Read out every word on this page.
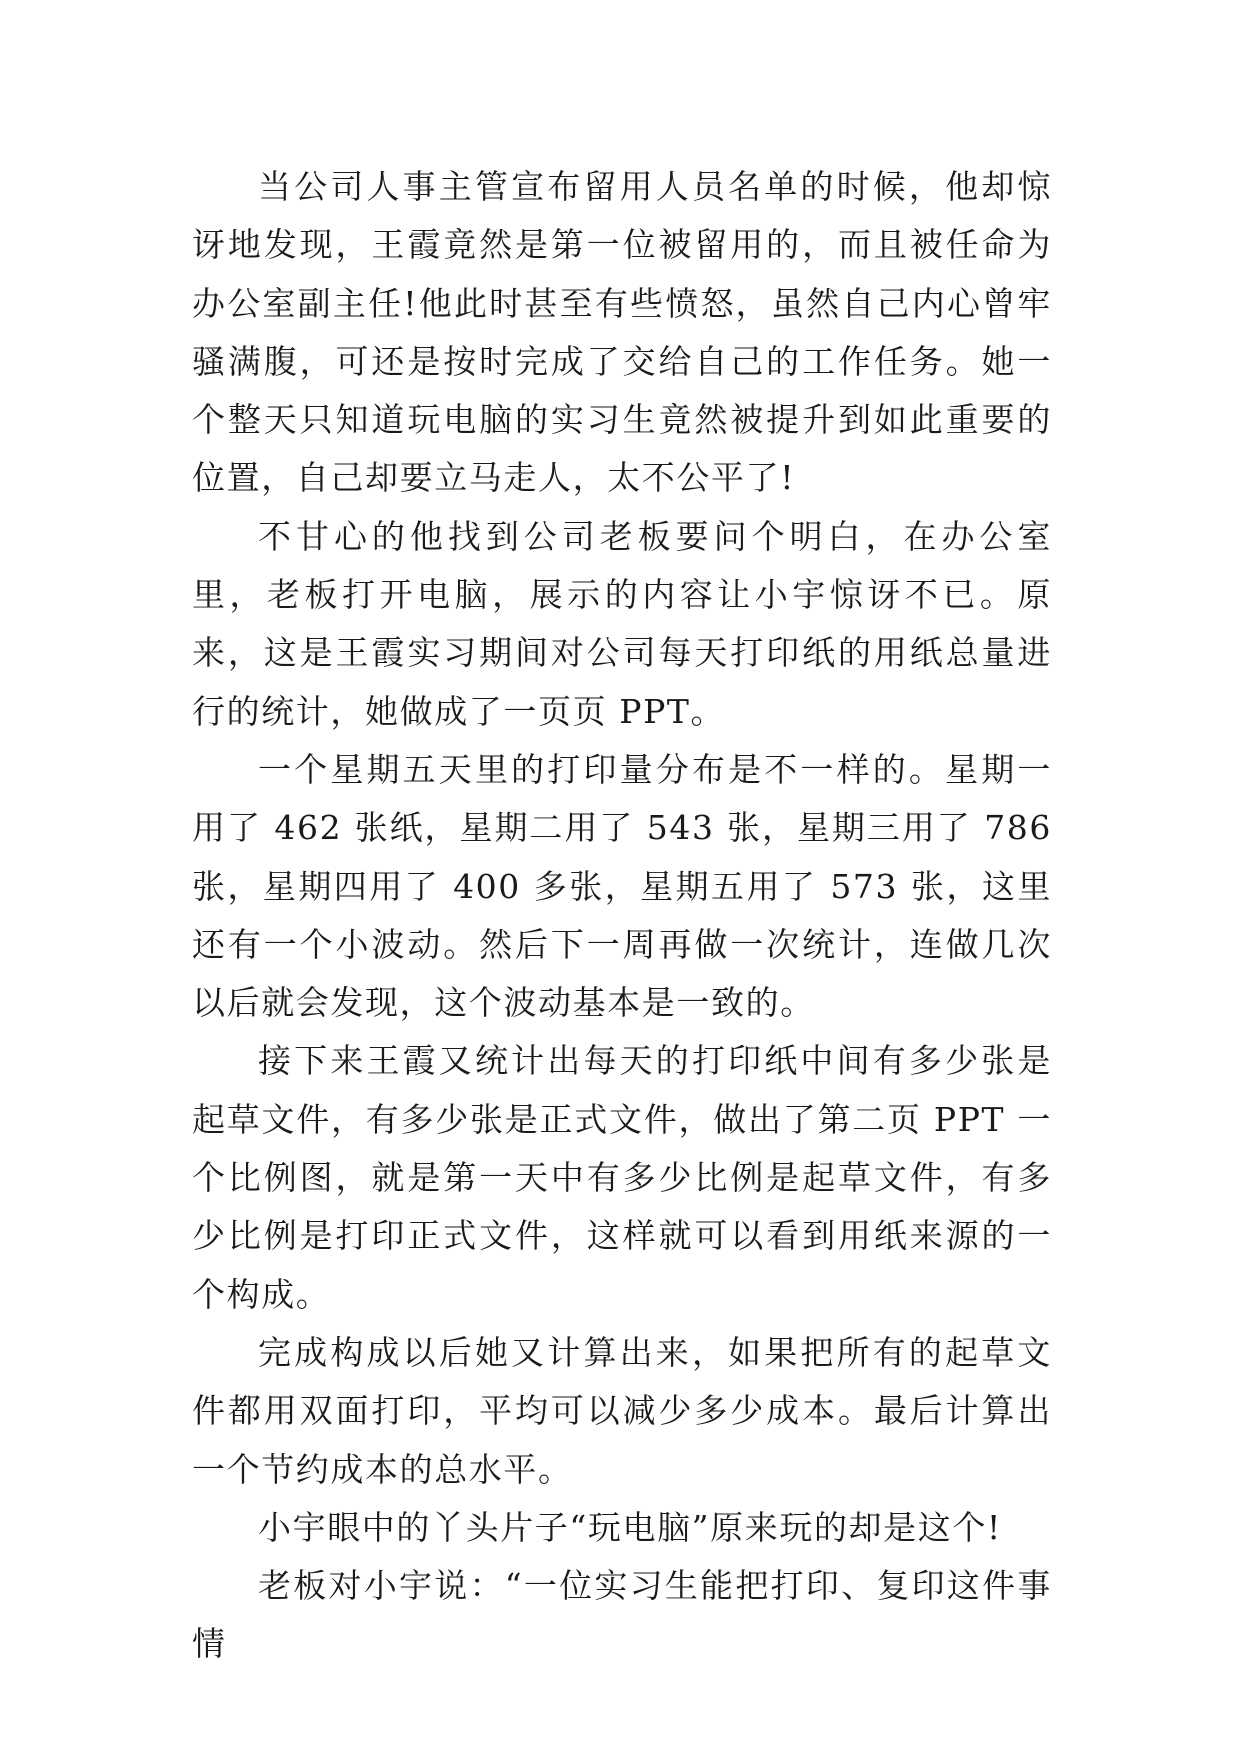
当公司人事主管宣布留用人员名单的时候，他却惊讶地发现，王霞竟然是第一位被留用的，而且被任命为办公室副主任!他此时甚至有些愤怒，虽然自己内心曾牢骚满腹，可还是按时完成了交给自己的工作任务。她一个整天只知道玩电脑的实习生竟然被提升到如此重要的位置，自己却要立马走人，太不公平了!

不甘心的他找到公司老板要问个明白，在办公室里，老板打开电脑，展示的内容让小宇惊讶不已。原来，这是王霞实习期间对公司每天打印纸的用纸总量进行的统计，她做成了一页页 PPT。

一个星期五天里的打印量分布是不一样的。星期一用了 462 张纸，星期二用了 543 张，星期三用了 786 张，星期四用了 400 多张，星期五用了 573 张，这里还有一个小波动。然后下一周再做一次统计，连做几次以后就会发现，这个波动基本是一致的。

接下来王霞又统计出每天的打印纸中间有多少张是起草文件，有多少张是正式文件，做出了第二页 PPT 一个比例图，就是第一天中有多少比例是起草文件，有多少比例是打印正式文件，这样就可以看到用纸来源的一个构成。

完成构成以后她又计算出来，如果把所有的起草文件都用双面打印，平均可以减少多少成本。最后计算出一个节约成本的总水平。

小宇眼中的丫头片子“玩电脑”原来玩的却是这个!

老板对小宇说：“一位实习生能把打印、复印这件事情
